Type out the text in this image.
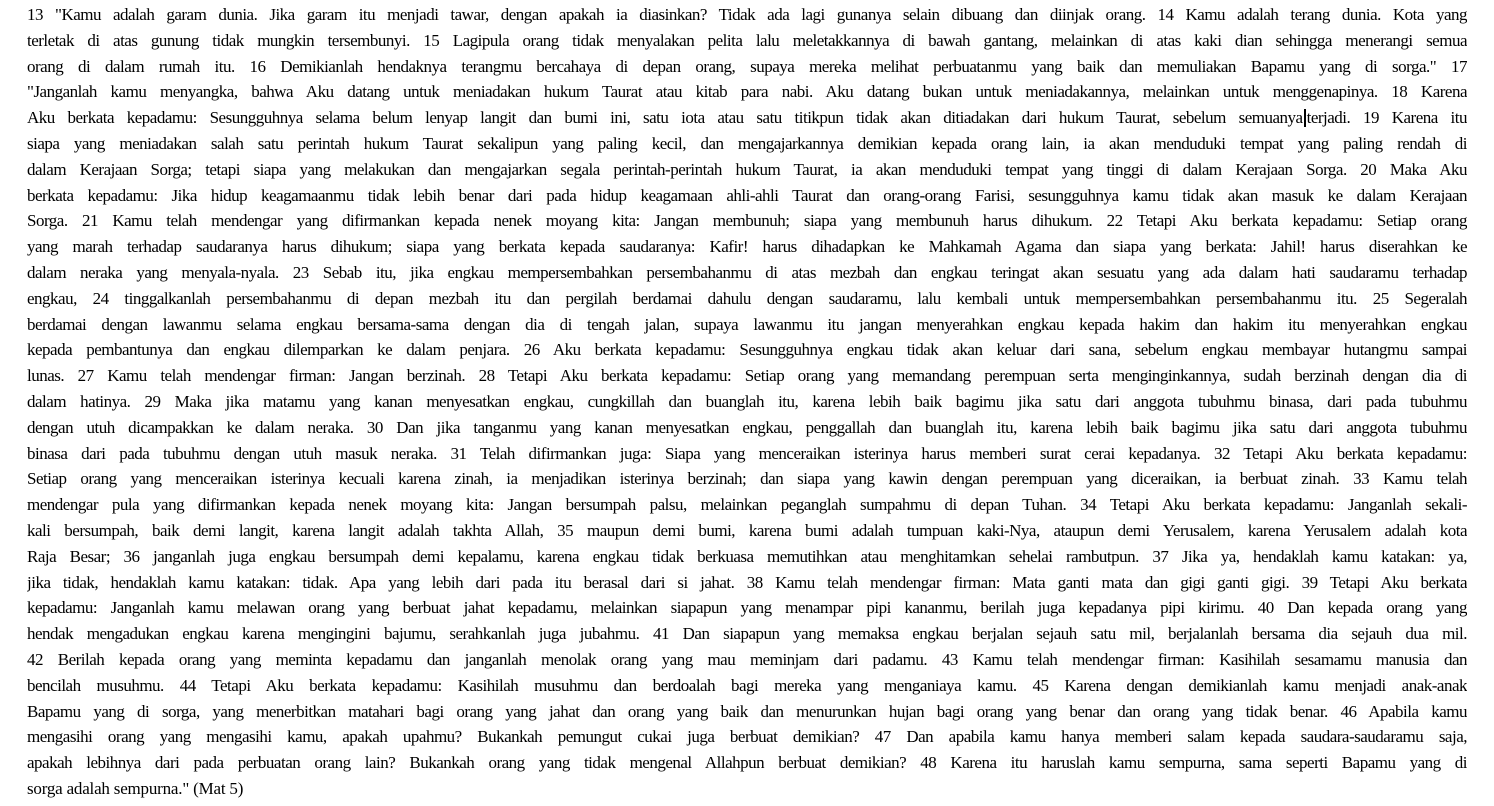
13 "Kamu adalah garam dunia. Jika garam itu menjadi tawar, dengan apakah ia diasinkan? Tidak ada lagi gunanya selain dibuang dan diinjak orang. 14 Kamu adalah terang dunia. Kota yang
terletak di atas gunung tidak mungkin tersembunyi. 15 Lagipula orang tidak menyalakan pelita lalu meletakkannya di bawah gantang, melainkan di atas kaki dian sehingga menerangi semua
orang di dalam rumah itu. 16 Demikianlah hendaknya terangmu bercahaya di depan orang, supaya mereka melihat perbuatanmu yang baik dan memuliakan Bapamu yang di sorga." 17
"Janganlah kamu menyangka, bahwa Aku datang untuk meniadakan hukum Taurat atau kitab para nabi. Aku datang bukan untuk meniadakannya, melainkan untuk menggenapinya. 18 Karena
Aku berkata kepadamu: Sesungguhnya selama belum lenyap langit dan bumi ini, satu iota atau satu titikpun tidak akan ditiadakan dari hukum Taurat, sebelum semuanya terjadi. 19 Karena itu
siapa yang meniadakan salah satu perintah hukum Taurat sekalipun yang paling kecil, dan mengajarkannya demikian kepada orang lain, ia akan menduduki tempat yang paling rendah di
dalam Kerajaan Sorga; tetapi siapa yang melakukan dan mengajarkan segala perintah-perintah hukum Taurat, ia akan menduduki tempat yang tinggi di dalam Kerajaan Sorga. 20 Maka Aku
berkata kepadamu: Jika hidup keagamaanmu tidak lebih benar dari pada hidup keagamaan ahli-ahli Taurat dan orang-orang Farisi, sesungguhnya kamu tidak akan masuk ke dalam Kerajaan
Sorga. 21 Kamu telah mendengar yang difirmankan kepada nenek moyang kita: Jangan membunuh; siapa yang membunuh harus dihukum. 22 Tetapi Aku berkata kepadamu: Setiap orang
yang marah terhadap saudaranya harus dihukum; siapa yang berkata kepada saudaranya: Kafir! harus dihadapkan ke Mahkamah Agama dan siapa yang berkata: Jahil! harus diserahkan ke
dalam neraka yang menyala-nyala. 23 Sebab itu, jika engkau mempersembahkan persembahanmu di atas mezbah dan engkau teringat akan sesuatu yang ada dalam hati saudaramu terhadap
engkau, 24 tinggalkanlah persembahanmu di depan mezbah itu dan pergilah berdamai dahulu dengan saudaramu, lalu kembali untuk mempersembahkan persembahanmu itu. 25 Segeralah
berdamai dengan lawanmu selama engkau bersama-sama dengan dia di tengah jalan, supaya lawanmu itu jangan menyerahkan engkau kepada hakim dan hakim itu menyerahkan engkau
kepada pembantunya dan engkau dilemparkan ke dalam penjara. 26 Aku berkata kepadamu: Sesungguhnya engkau tidak akan keluar dari sana, sebelum engkau membayar hutangmu sampai
lunas. 27 Kamu telah mendengar firman: Jangan berzinah. 28 Tetapi Aku berkata kepadamu: Setiap orang yang memandang perempuan serta menginginkannya, sudah berzinah dengan dia di
dalam hatinya. 29 Maka jika matamu yang kanan menyesatkan engkau, cungkillah dan buanglah itu, karena lebih baik bagimu jika satu dari anggota tubuhmu binasa, dari pada tubuhmu
dengan utuh dicampakkan ke dalam neraka. 30 Dan jika tanganmu yang kanan menyesatkan engkau, penggallah dan buanglah itu, karena lebih baik bagimu jika satu dari anggota tubuhmu
binasa dari pada tubuhmu dengan utuh masuk neraka. 31 Telah difirmankan juga: Siapa yang menceraikan isterinya harus memberi surat cerai kepadanya. 32 Tetapi Aku berkata kepadamu:
Setiap orang yang menceraikan isterinya kecuali karena zinah, ia menjadikan isterinya berzinah; dan siapa yang kawin dengan perempuan yang diceraikan, ia berbuat zinah. 33 Kamu telah
mendengar pula yang difirmankan kepada nenek moyang kita: Jangan bersumpah palsu, melainkan peganglah sumpahmu di depan Tuhan. 34 Tetapi Aku berkata kepadamu: Janganlah sekali-
kali bersumpah, baik demi langit, karena langit adalah takhta Allah, 35 maupun demi bumi, karena bumi adalah tumpuan kaki-Nya, ataupun demi Yerusalem, karena Yerusalem adalah kota
Raja Besar; 36 janganlah juga engkau bersumpah demi kepalamu, karena engkau tidak berkuasa memutihkan atau menghitamkan sehelai rambutpun. 37 Jika ya, hendaklah kamu katakan: ya,
jika tidak, hendaklah kamu katakan: tidak. Apa yang lebih dari pada itu berasal dari si jahat. 38 Kamu telah mendengar firman: Mata ganti mata dan gigi ganti gigi. 39 Tetapi Aku berkata
kepadamu: Janganlah kamu melawan orang yang berbuat jahat kepadamu, melainkan siapapun yang menampar pipi kananmu, berilah juga kepadanya pipi kirimu. 40 Dan kepada orang yang
hendak mengadukan engkau karena mengingini bajumu, serahkanlah juga jubahmu. 41 Dan siapapun yang memaksa engkau berjalan sejauh satu mil, berjalanlah bersama dia sejauh dua mil.
42 Berilah kepada orang yang meminta kepadamu dan janganlah menolak orang yang mau meminjam dari padamu. 43 Kamu telah mendengar firman: Kasihilah sesamamu manusia dan
bencilah musuhmu. 44 Tetapi Aku berkata kepadamu: Kasihilah musuhmu dan berdoalah bagi mereka yang menganiaya kamu. 45 Karena dengan demikianlah kamu menjadi anak-anak
Bapamu yang di sorga, yang menerbitkan matahari bagi orang yang jahat dan orang yang baik dan menurunkan hujan bagi orang yang benar dan orang yang tidak benar. 46 Apabila kamu
mengasihi orang yang mengasihi kamu, apakah upahmu? Bukankah pemungut cukai juga berbuat demikian? 47 Dan apabila kamu hanya memberi salam kepada saudara-saudaramu saja,
apakah lebihnya dari pada perbuatan orang lain? Bukankah orang yang tidak mengenal Allahpun berbuat demikian? 48 Karena itu haruslah kamu sempurna, sama seperti Bapamu yang di
sorga adalah sempurna." (Mat 5)
